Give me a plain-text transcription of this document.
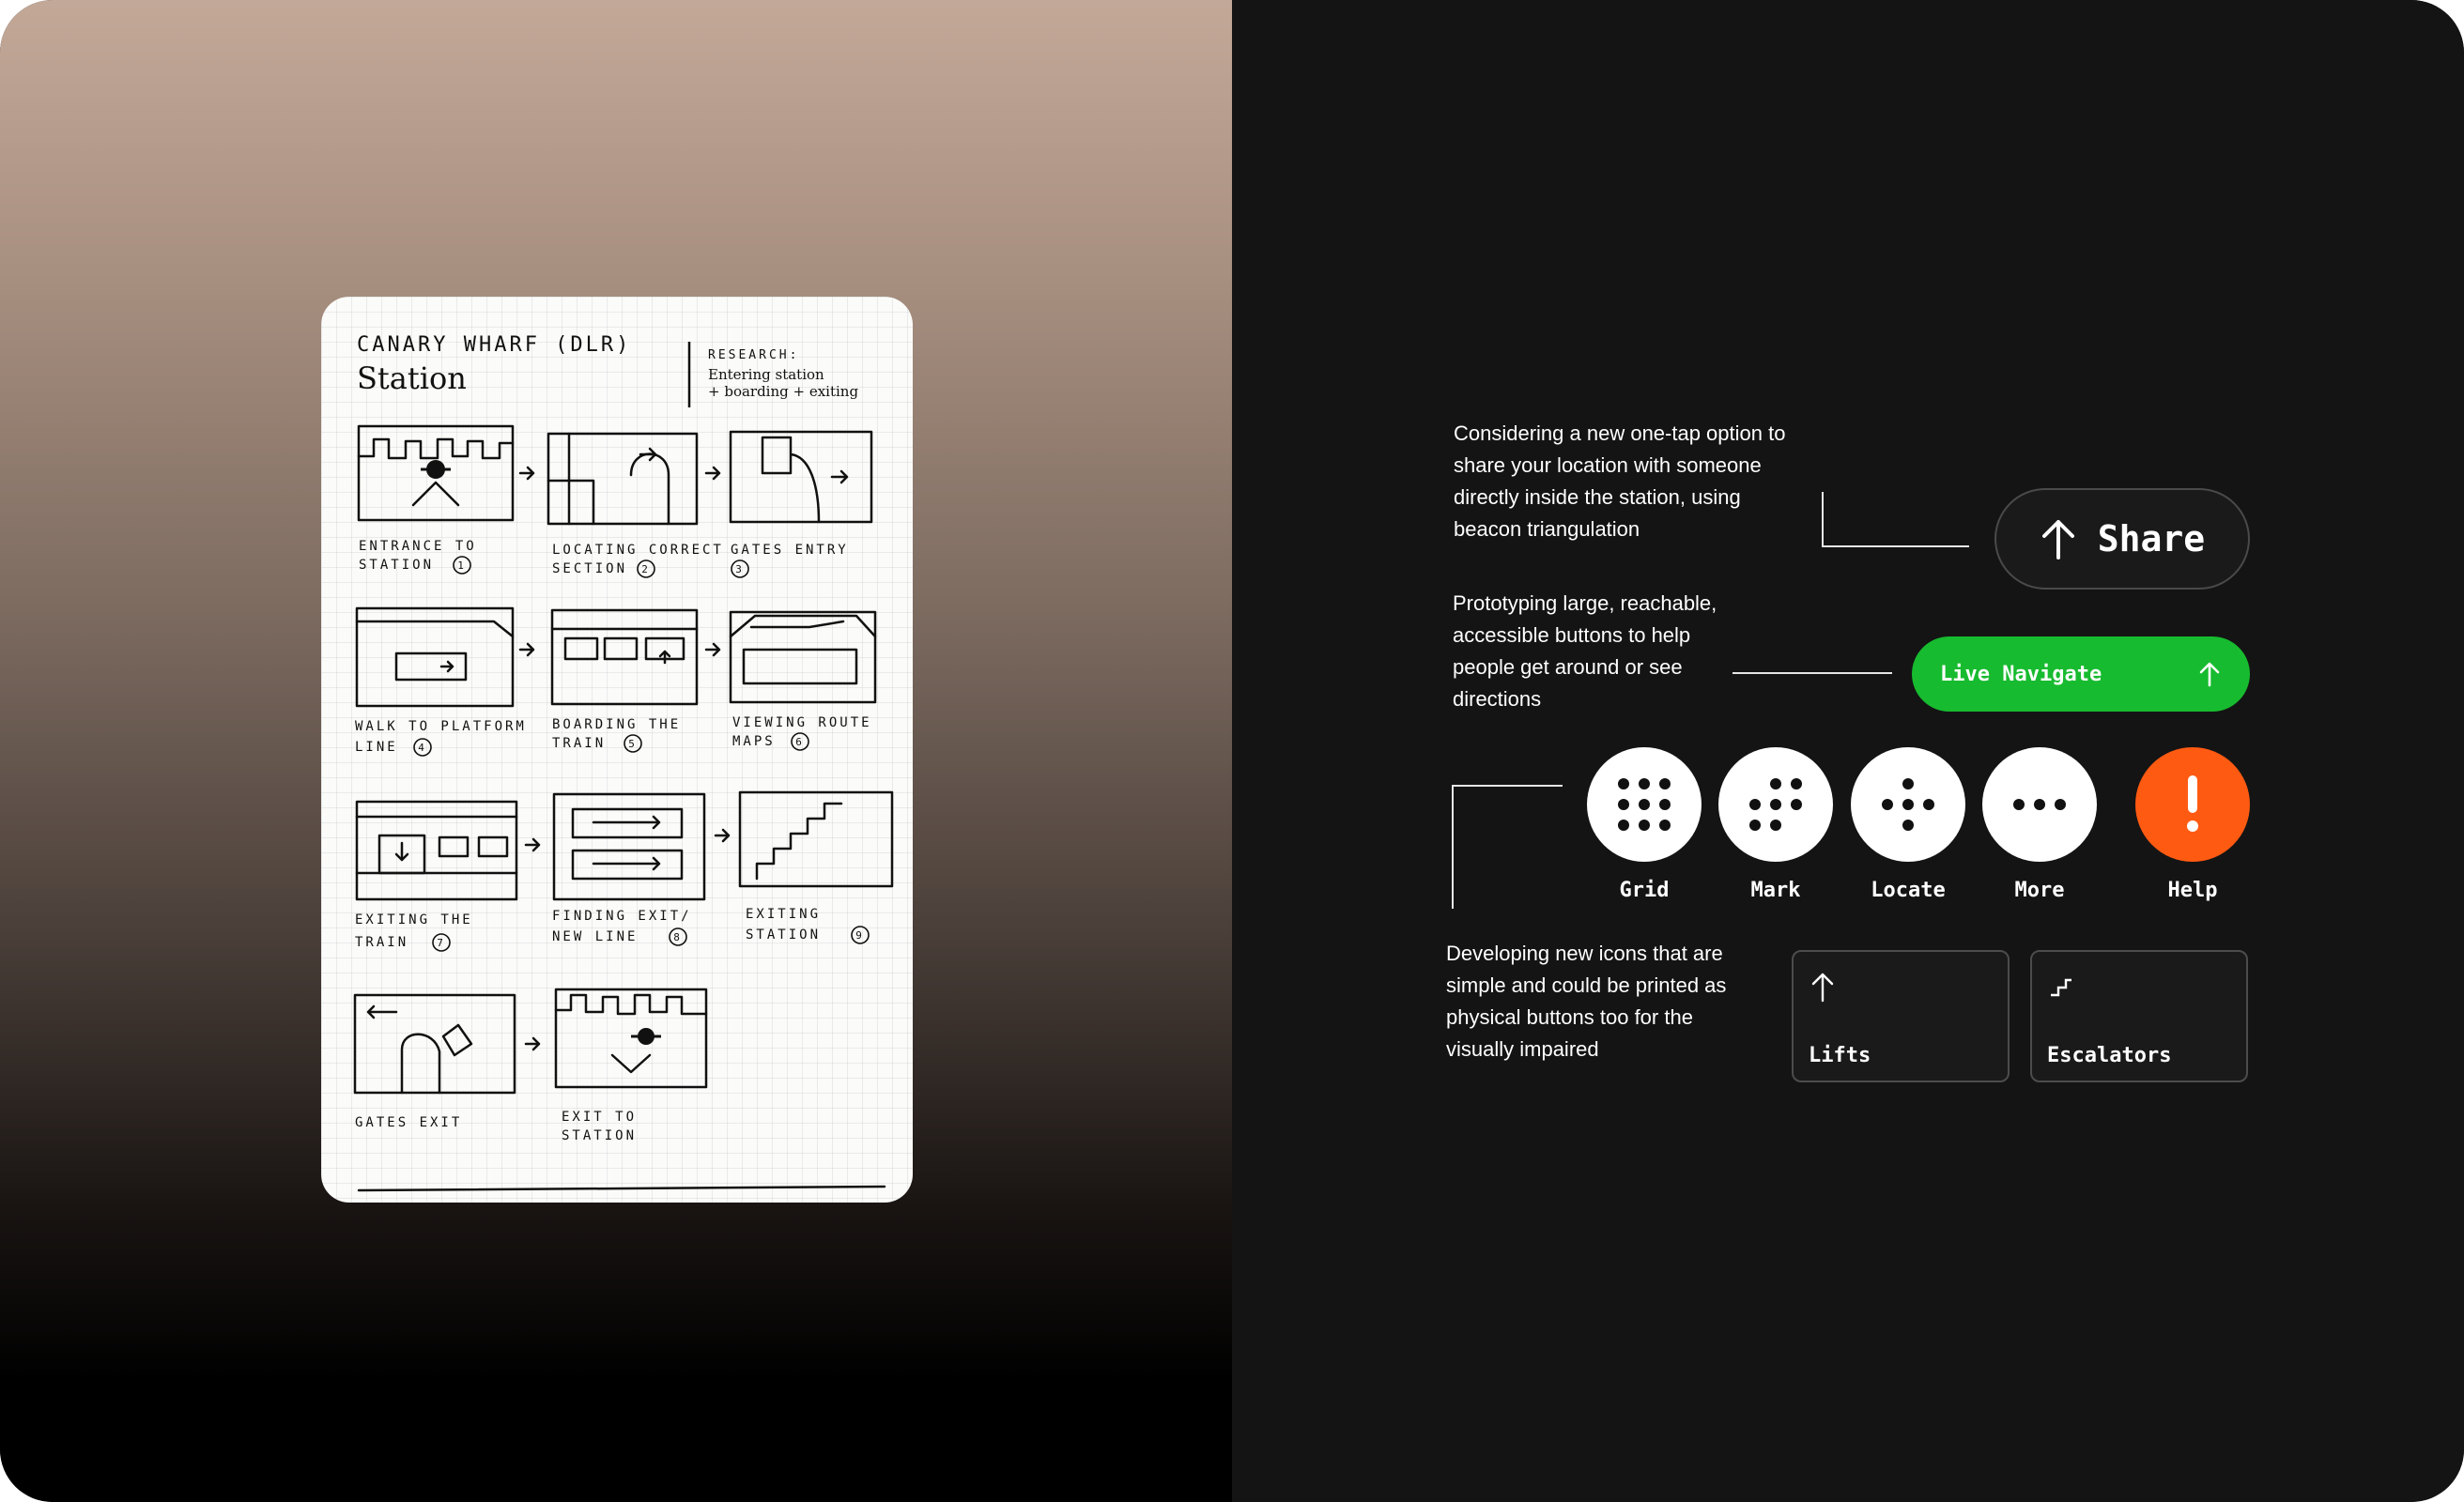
CANARY WHARF (DLR)
Station
RESEARCH:
Entering station
+ boarding + exiting
ENTRANCE TO
STATION
LOCATING CORRECT
SECTION
GATES ENTRY
WALK TO PLATFORM
LINE
BOARDING THE
TRAIN
VIEWING ROUTE
MAPS
EXITING THE
TRAIN
FINDING EXIT/
NEW LINE
EXITING
STATION
GATES EXIT	EXIT TO
STATION
1	2	3
4	5	6
7	8	9
Considering a new one-tap option to
share your location with someone
directly inside the station, using
beacon triangulation	Share
Prototyping large, reachable,
accessible buttons to help
people get around or see
directions
Live Navigate
Grid	Mark	Locate	More	Help
Developing new icons that are
simple and could be printed as
physical buttons too for the
visually impaired	Lifts	Escalators
